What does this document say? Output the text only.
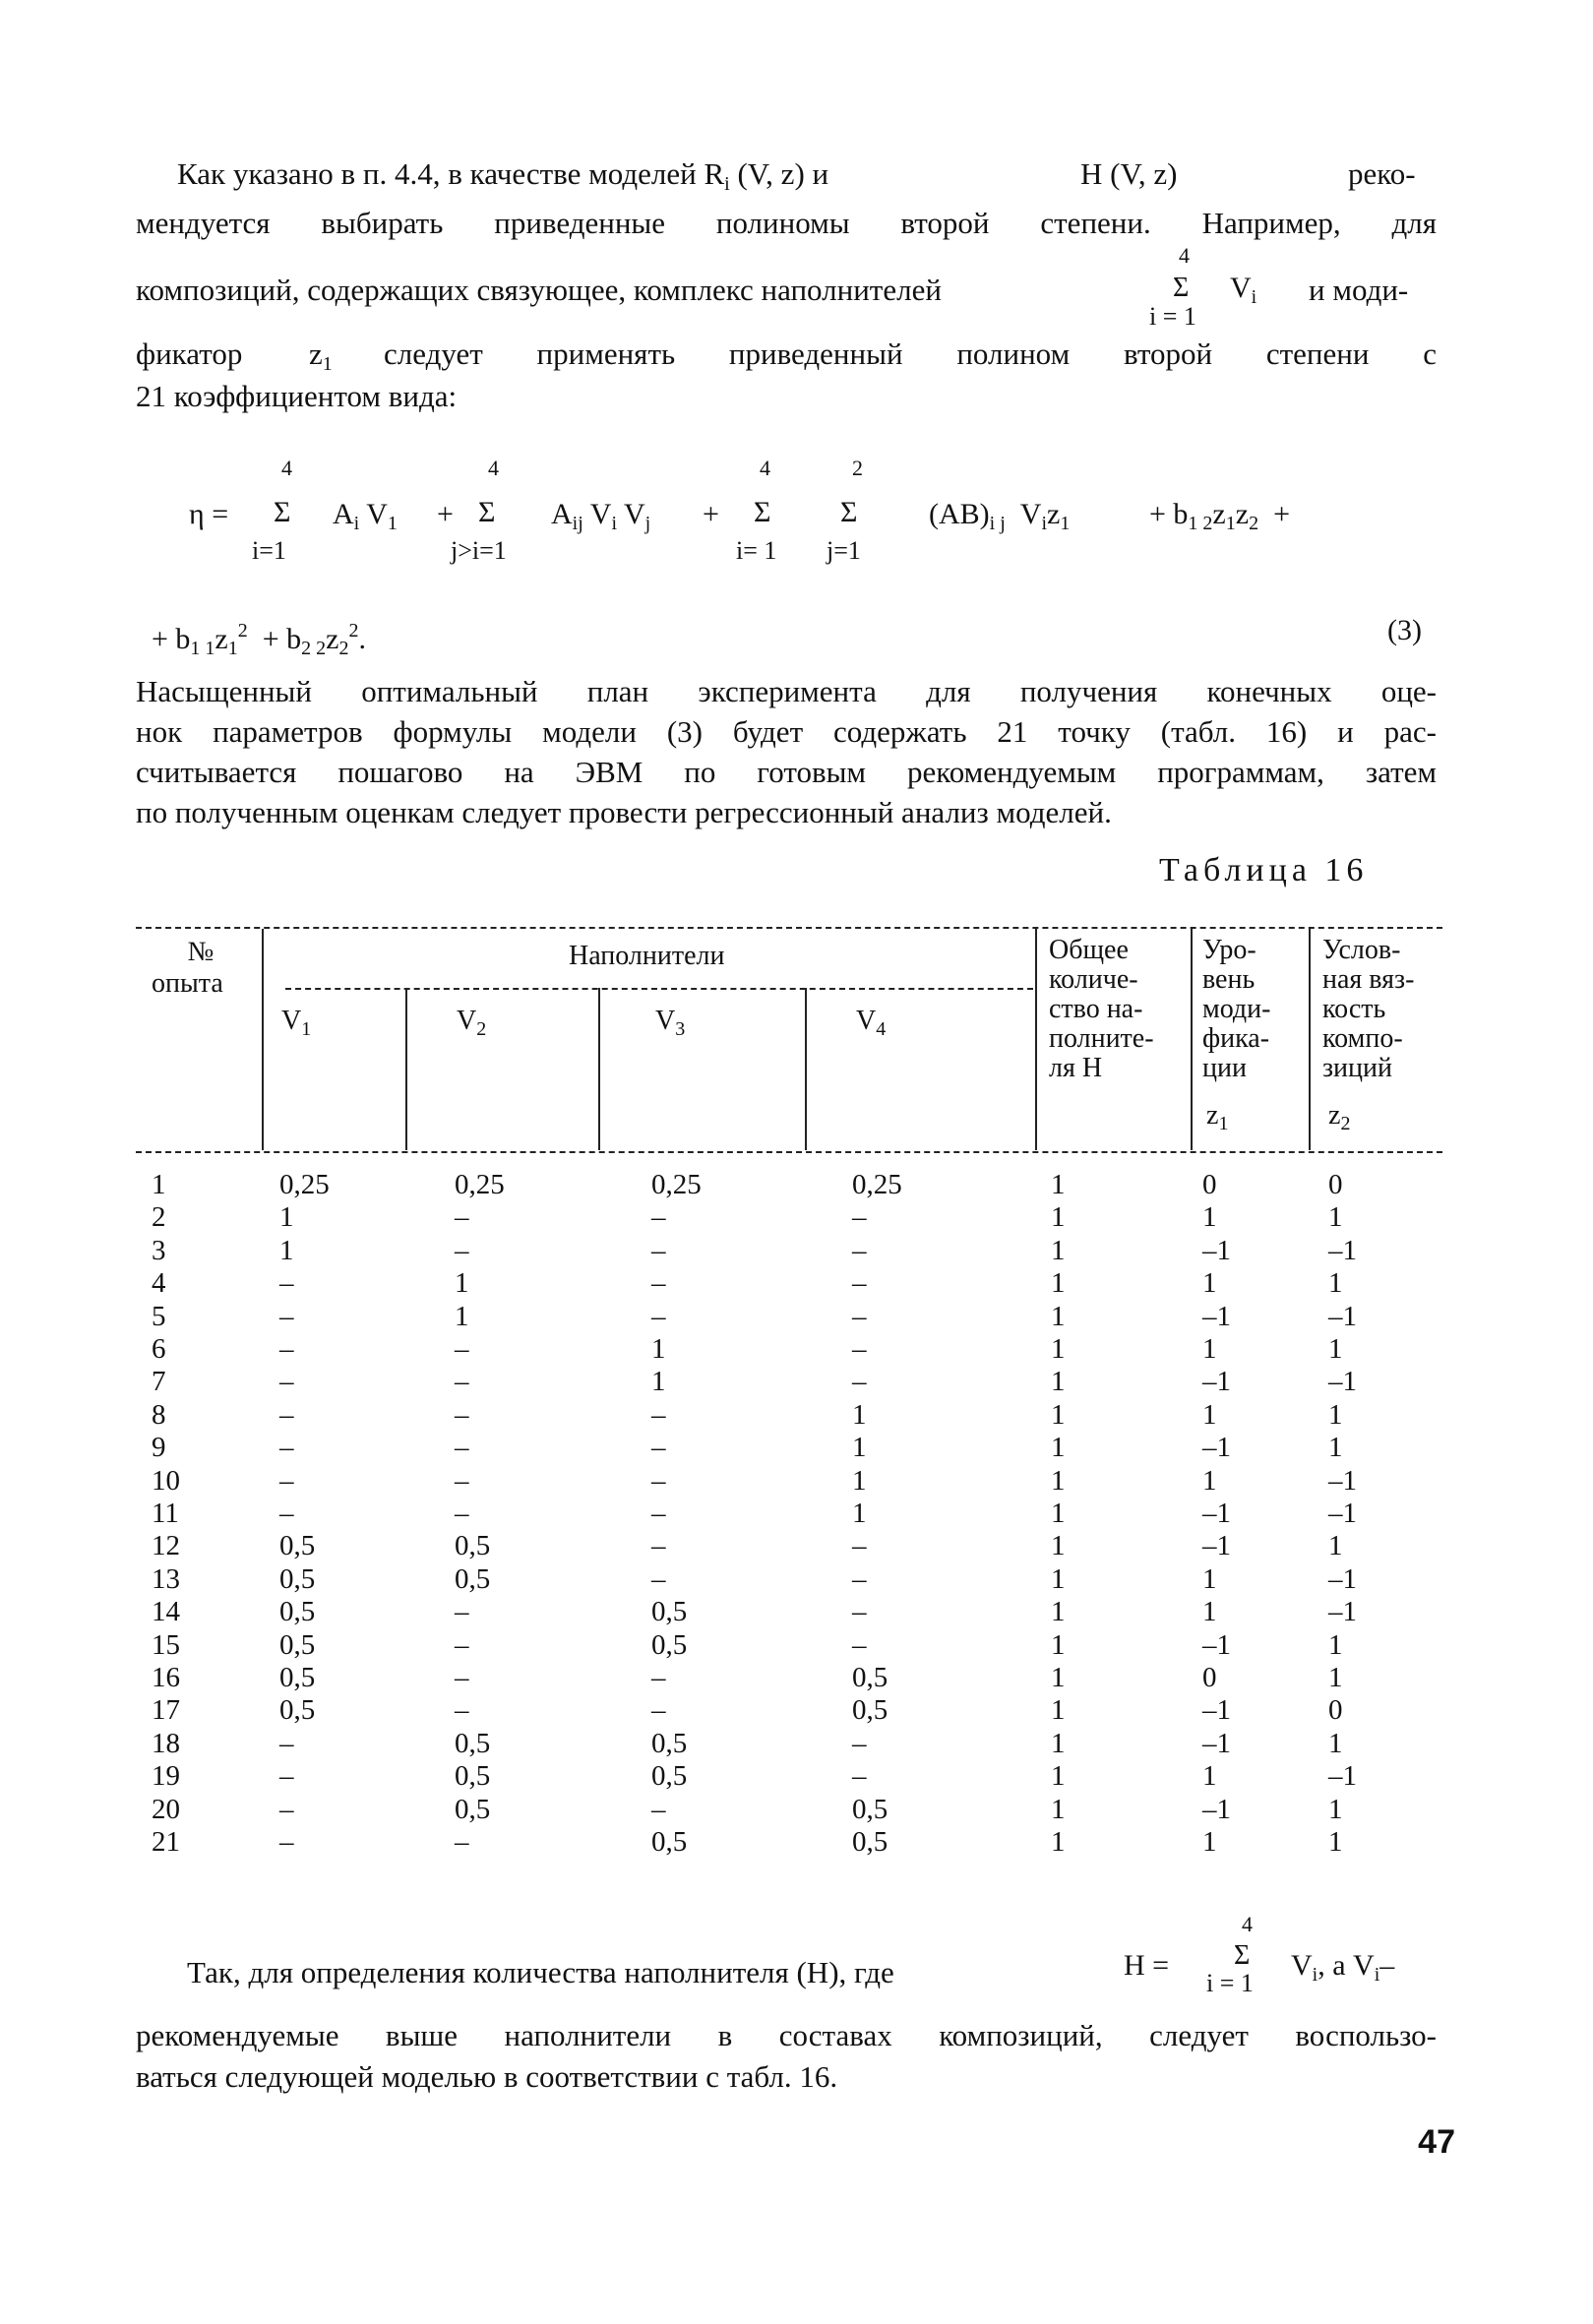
Как указано в п. 4.4, в качестве моделей $R_i$ (V, z) и	H (V, z)	реко-
мендуется выбирать приведенные полиномы второй степени. Например, для
композиций, содержащих связующее, комплекс наполнителей
4
Σ
i = 1
$V_i$ и моди-
фикатор $z_1$ следует применять приведенный полином второй степени с
21 коэффициентом вида:
η =
4
Σ
i=1
$A_i$ $V_1$ +
4
Σ
j>i=1
$A_{ij}$ $V_i$ $V_j$ +
4
Σ
i= 1
2
Σ
j=1
$(AB)_{i j}$ $V_iz_1$	+ $b_{1 2}z_1z_2$ +
+ $b_{1 1}z_1^2 + b_{2 2}z_2^2$.	(3)
Насыщенный оптимальный план эксперимента для получения конечных оце-
нок параметров формулы модели (3) будет содержать 21 точку (табл. 16) и рас-
считывается пошагово на ЭВМ по готовым рекомендуемым программам, затем
по полученным оценкам следует провести регрессионный анализ моделей.
Таблица 16
№
опыта
Наполнители
$V_1$	$V_2$	$V_3$	$V_4$
Общее
количе-
ство на-
полните-
ля H
Уро-
вень
моди-
фика-
ции
$z_1$
Услов-
ная вяз-
кость
компо-
зиций
$z_2$
1	0,25	0,25	0,25	0,25	1	0	0
2	1	–	–	–	1	1	1
3	1	–	–	–	1	–1	–1
4	–	1	–	–	1	1	1
5	–	1	–	–	1	–1	–1
6	–	–	1	–	1	1	1
7	–	–	1	–	1	–1	–1
8	–	–	–	1	1	1	1
9	–	–	–	1	1	–1	1
10	–	–	–	1	1	1	–1
11	–	–	–	1	1	–1	–1
12	0,5	0,5	–	–	1	–1	1
13	0,5	0,5	–	–	1	1	–1
14	0,5	–	0,5	–	1	1	–1
15	0,5	–	0,5	–	1	–1	1
16	0,5	–	–	0,5	1	0	1
17	0,5	–	–	0,5	1	–1	0
18	–	0,5	0,5	–	1	–1	1
19	–	0,5	0,5	–	1	1	–1
20	–	0,5	–	0,5	1	–1	1
21	–	–	0,5	0,5	1	1	1
Так, для определения количества наполнителя (H), где	H =
4
Σ
i = 1
$V_i$, а $V_i-$
рекомендуемые выше наполнители в составах композиций, следует воспользо-
ваться следующей моделью в соответствии с табл. 16.
47
